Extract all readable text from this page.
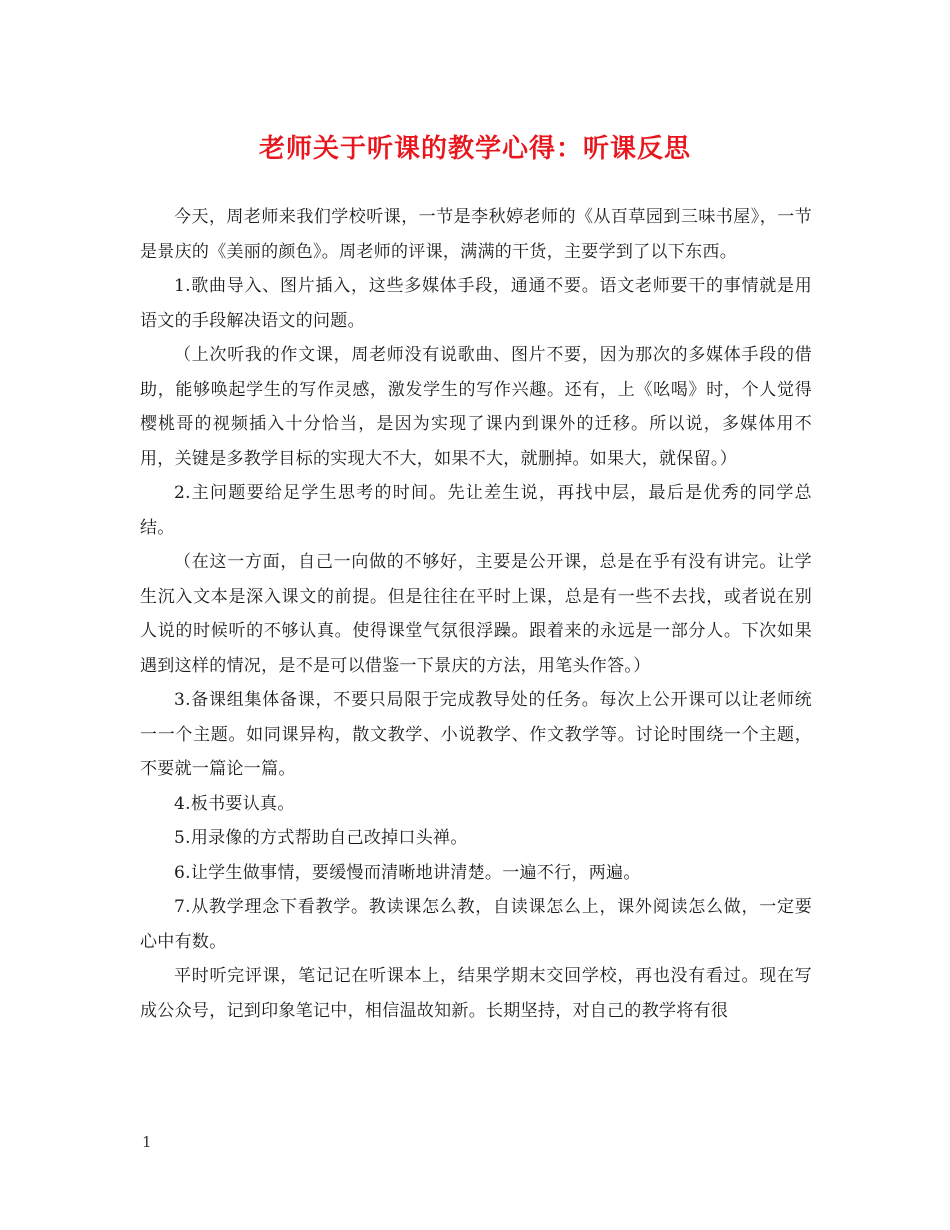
老师关于听课的教学心得：听课反思

今天，周老师来我们学校听课，一节是李秋婷老师的《从百草园到三味书屋》，一节是景庆的《美丽的颜色》。周老师的评课，满满的干货，主要学到了以下东西。

1.歌曲导入、图片插入，这些多媒体手段，通通不要。语文老师要干的事情就是用语文的手段解决语文的问题。

（上次听我的作文课，周老师没有说歌曲、图片不要，因为那次的多媒体手段的借助，能够唤起学生的写作灵感，激发学生的写作兴趣。还有，上《吆喝》时，个人觉得樱桃哥的视频插入十分恰当，是因为实现了课内到课外的迁移。所以说，多媒体用不用，关键是多教学目标的实现大不大，如果不大，就删掉。如果大，就保留。）

2.主问题要给足学生思考的时间。先让差生说，再找中层，最后是优秀的同学总结。

（在这一方面，自己一向做的不够好，主要是公开课，总是在乎有没有讲完。让学生沉入文本是深入课文的前提。但是往往在平时上课，总是有一些不去找，或者说在别人说的时候听的不够认真。使得课堂气氛很浮躁。跟着来的永远是一部分人。下次如果遇到这样的情况，是不是可以借鉴一下景庆的方法，用笔头作答。）

3.备课组集体备课，不要只局限于完成教导处的任务。每次上公开课可以让老师统一一个主题。如同课异构，散文教学、小说教学、作文教学等。讨论时围绕一个主题，不要就一篇论一篇。

4.板书要认真。

5.用录像的方式帮助自己改掉口头禅。

6.让学生做事情，要缓慢而清晰地讲清楚。一遍不行，两遍。

7.从教学理念下看教学。教读课怎么教，自读课怎么上，课外阅读怎么做，一定要心中有数。

平时听完评课，笔记记在听课本上，结果学期末交回学校，再也没有看过。现在写成公众号，记到印象笔记中，相信温故知新。长期坚持，对自己的教学将有很

1
